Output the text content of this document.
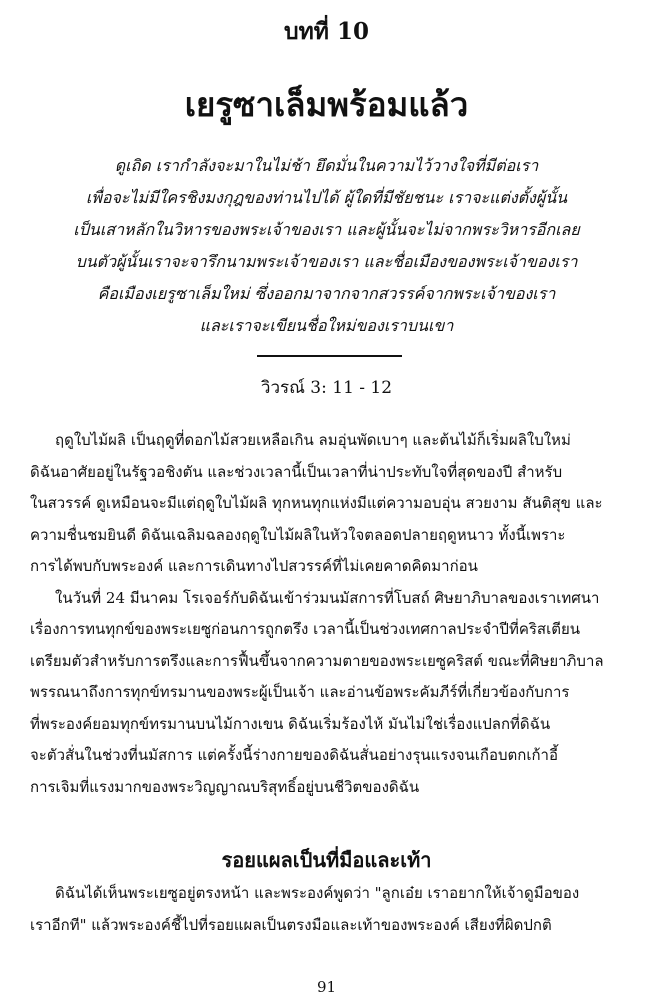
บทที่ 10
เยรูซาเล็มพร้อมแล้ว
ดูเถิด เรากำลังจะมาในไม่ช้า ยึดมั่นในความไว้วางใจที่มีต่อเรา
เพื่อจะไม่มีใครชิงมงกุฎของท่านไปได้ ผู้ใดที่มีชัยชนะ เราจะแต่งตั้งผู้นั้น
เป็นเสาหลักในวิหารของพระเจ้าของเรา และผู้นั้นจะไม่จากพระวิหารอีกเลย
บนตัวผู้นั้นเราจะจารึกนามพระเจ้าของเรา และชื่อเมืองของพระเจ้าของเรา
คือเมืองเยรูซาเล็มใหม่ ซึ่งออกมาจากจากสวรรค์จากพระเจ้าของเรา
และเราจะเขียนชื่อใหม่ของเราบนเขา
วิวรณ์ 3: 11 - 12
ฤดูใบไม้ผลิ เป็นฤดูที่ดอกไม้สวยเหลือเกิน ลมอุ่นพัดเบาๆ และต้นไม้ก็เริ่มผลิใบใหม่
ดิฉันอาศัยอยู่ในรัฐวอชิงตัน และช่วงเวลานี้เป็นเวลาที่น่าประทับใจที่สุดของปี สำหรับ
ในสวรรค์ ดูเหมือนจะมีแต่ฤดูใบไม้ผลิ ทุกหนทุกแห่งมีแต่ความอบอุ่น สวยงาม สันติสุข และ
ความชื่นชมยินดี ดิฉันเฉลิมฉลองฤดูใบไม้ผลิในหัวใจตลอดปลายฤดูหนาว ทั้งนี้เพราะ
การได้พบกับพระองค์ และการเดินทางไปสวรรค์ที่ไม่เคยคาดคิดมาก่อน
ในวันที่ 24 มีนาคม โรเจอร์กับดิฉันเข้าร่วมนมัสการที่โบสถ์ ศิษยาภิบาลของเราเทศนา
เรื่องการทนทุกข์ของพระเยซูก่อนการถูกตรึง เวลานี้เป็นช่วงเทศกาลประจำปีที่คริสเตียน
เตรียมตัวสำหรับการตรึงและการฟื้นขึ้นจากความตายของพระเยซูคริสต์ ขณะที่ศิษยาภิบาล
พรรณนาถึงการทุกข์ทรมานของพระผู้เป็นเจ้า และอ่านข้อพระคัมภีร์ที่เกี่ยวข้องกับการ
ที่พระองค์ยอมทุกข์ทรมานบนไม้กางเขน ดิฉันเริ่มร้องไห้ มันไม่ใช่เรื่องแปลกที่ดิฉัน
จะตัวสั่นในช่วงที่นมัสการ แต่ครั้งนี้ร่างกายของดิฉันสั่นอย่างรุนแรงจนเกือบตกเก้าอี้
การเจิมที่แรงมากของพระวิญญาณบริสุทธิ์อยู่บนชีวิตของดิฉัน
รอยแผลเป็นที่มือและเท้า
ดิฉันได้เห็นพระเยซูอยู่ตรงหน้า และพระองค์พูดว่า "ลูกเอ๋ย เราอยากให้เจ้าดูมือของ
เราอีกที" แล้วพระองค์ชี้ไปที่รอยแผลเป็นตรงมือและเท้าของพระองค์ เสียงที่ผิดปกติ
91
